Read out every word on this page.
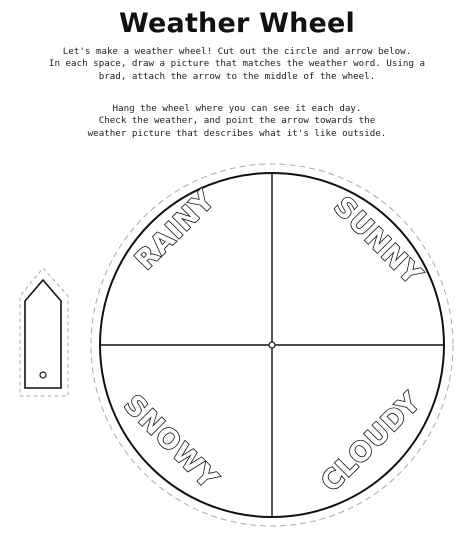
Weather Wheel
Let's make a weather wheel! Cut out the circle and arrow below.
In each space, draw a picture that matches the weather word. Using a
brad, attach the arrow to the middle of the wheel.
Hang the wheel where you can see it each day.
Check the weather, and point the arrow towards the
weather picture that describes what it's like outside.
RAINY	SUNNY
SNOWY	CLOUDY
